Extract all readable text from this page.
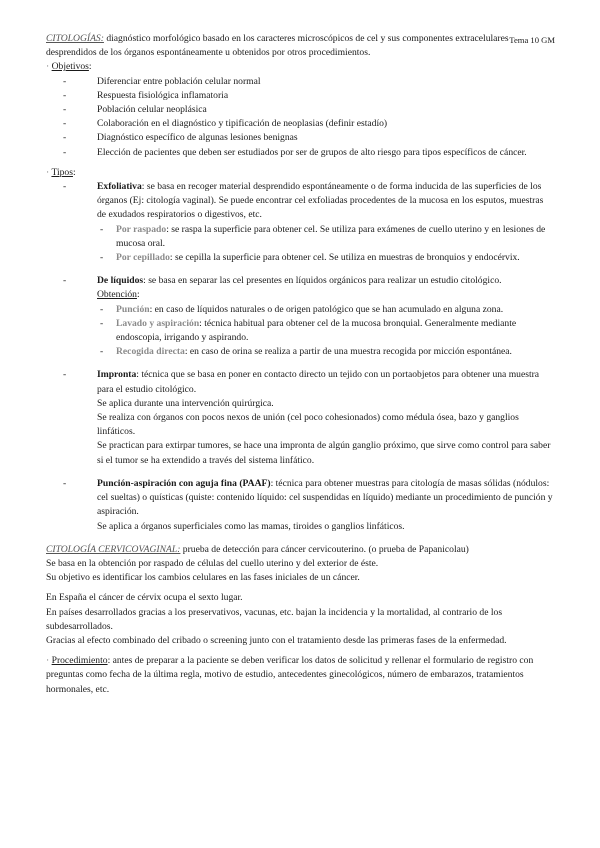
Tema 10 GM

CITOLOGÍAS: diagnóstico morfológico basado en los caracteres microscópicos de cel y sus componentes extracelulares desprendidos de los órganos espontáneamente u obtenidos por otros procedimientos.

· Objetivos:

-	Diferenciar entre población celular normal
-	Respuesta fisiológica inflamatoria
-	Población celular neoplásica
-	Colaboración en el diagnóstico y tipificación de neoplasias (definir estadío)
-	Diagnóstico específico de algunas lesiones benignas
-	Elección de pacientes que deben ser estudiados por ser de grupos de alto riesgo para tipos específicos de cáncer.

· Tipos:

-	Exfoliativa: se basa en recoger material desprendido espontáneamente o de forma inducida de las superficies de los órganos (Ej: citología vaginal). Se puede encontrar cel exfoliadas procedentes de la mucosa en los esputos, muestras de exudados respiratorios o digestivos, etc.
- Por raspado: se raspa la superficie para obtener cel. Se utiliza para exámenes de cuello uterino y en lesiones de mucosa oral.
- Por cepillado: se cepilla la superficie para obtener cel. Se utiliza en muestras de bronquios y endocérvix.
-	De líquidos: se basa en separar las cel presentes en líquidos orgánicos para realizar un estudio citológico.
Obtención:
- Punción: en caso de líquidos naturales o de origen patológico que se han acumulado en alguna zona.
- Lavado y aspiración: técnica habitual para obtener cel de la mucosa bronquial. Generalmente mediante endoscopia, irrigando y aspirando.
- Recogida directa: en caso de orina se realiza a partir de una muestra recogida por micción espontánea.
-	Impronta: técnica que se basa en poner en contacto directo un tejido con un portaobjetos para obtener una muestra para el estudio citológico.

Se aplica durante una intervención quirúrgica.

Se realiza con órganos con pocos nexos de unión (cel poco cohesionados) como médula ósea, bazo y ganglios linfáticos.

Se practican para extirpar tumores, se hace una impronta de algún ganglio próximo, que sirve como control para saber si el tumor se ha extendido a través del sistema linfático.

-	Punción-aspiración con aguja fina (PAAF): técnica para obtener muestras para citología de masas sólidas (nódulos: cel sueltas) o quísticas (quiste: contenido líquido: cel suspendidas en líquido) mediante un procedimiento de punción y aspiración.

Se aplica a órganos superficiales como las mamas, tiroides o ganglios linfáticos.

CITOLOGÍA CERVICOVAGINAL: prueba de detección para cáncer cervicouterino. (o prueba de Papanicolau)

Se basa en la obtención por raspado de células del cuello uterino y del exterior de éste.

Su objetivo es identificar los cambios celulares en las fases iniciales de un cáncer.

En España el cáncer de cérvix ocupa el sexto lugar.

En países desarrollados gracias a los preservativos, vacunas, etc. bajan la incidencia y la mortalidad, al contrario de los subdesarrollados.

Gracias al efecto combinado del cribado o screening junto con el tratamiento desde las primeras fases de la enfermedad.

· Procedimiento: antes de preparar a la paciente se deben verificar los datos de solicitud y rellenar el formulario de registro con preguntas como fecha de la última regla, motivo de estudio, antecedentes ginecológicos, número de embarazos, tratamientos hormonales, etc.
